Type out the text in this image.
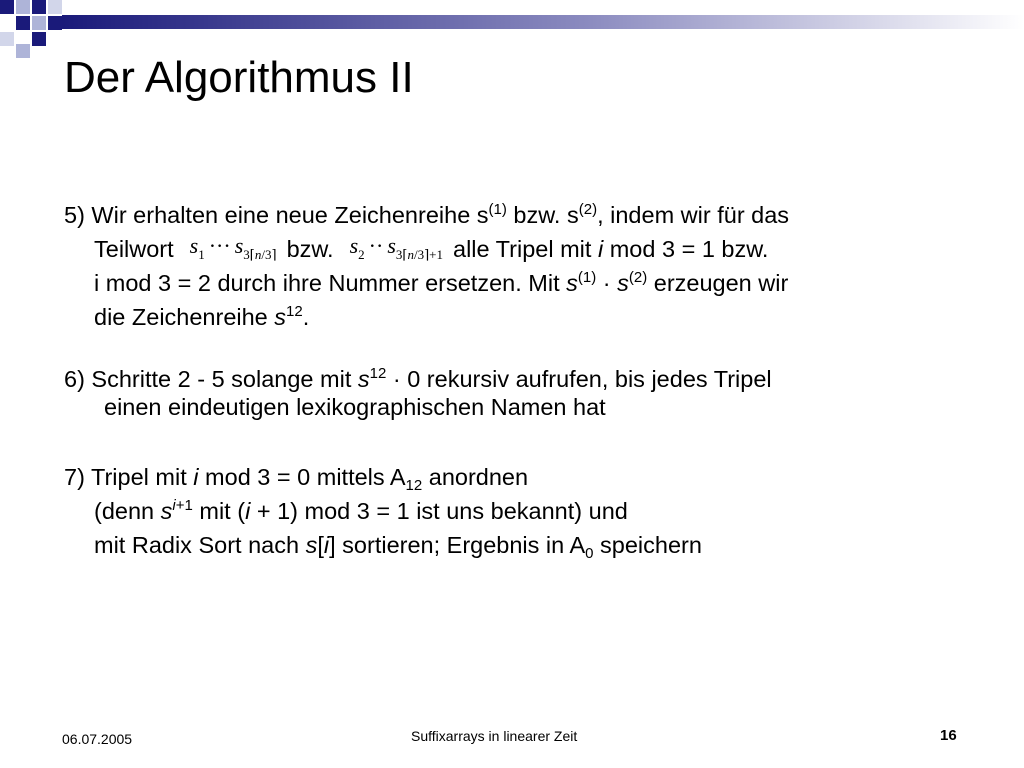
Der Algorithmus II
5) Wir erhalten eine neue Zeichenreihe $s^{(1)}$ bzw. $s^{(2)}$, indem wir für das
Teilwort $s_1$ ··· $s_{3⌈n/3⌉}$ bzw. $s_2 \cdot\cdot s_{3⌈n/3⌉+1}$ alle Tripel mit i mod 3 = 1 bzw.
i mod 3 = 2 durch ihre Nummer ersetzen. Mit $s^{(1)} \cdot s^{(2)}$ erzeugen wir
die Zeichenreihe $s^{12}$.
6) Schritte 2 - 5 solange mit $s^{12} \cdot 0$ rekursiv aufrufen, bis jedes Tripel
einen eindeutigen lexikographischen Namen hat
7) Tripel mit i mod 3 = 0 mittels $A_{12}$ anordnen
(denn $s^{i+1}$ mit (i + 1) mod 3 = 1 ist uns bekannt) und
mit Radix Sort nach s[i] sortieren; Ergebnis in $A_0$ speichern
06.07.2005	Suffixarrays in linearer Zeit	16
